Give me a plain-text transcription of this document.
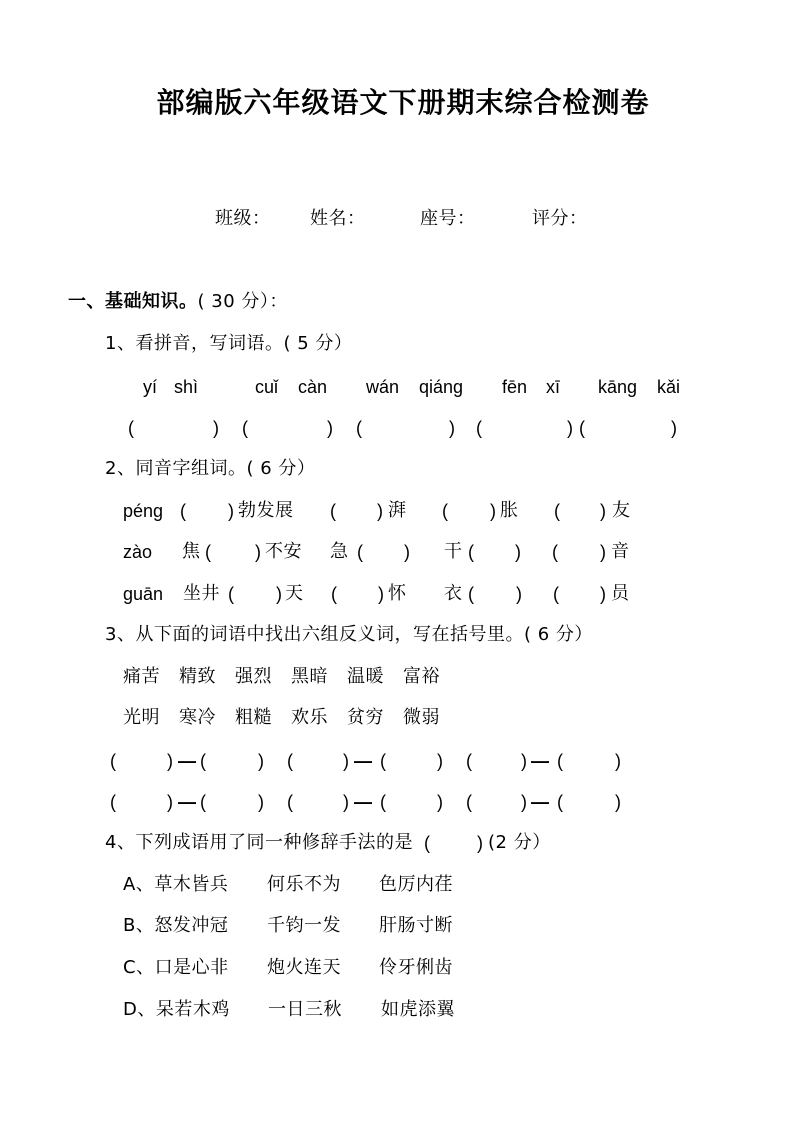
部编版六年级语文下册期末综合检测卷
班级： 姓名：	座号：	评分：
一、基础知识。( 30 分）：
1、看拼音，写词语。( 5 分）
yí shì	cuǐ càn wán qiáng fēn xī kāng kǎi
(	) (	) (	) (	) (	)
2、同音字组词。( 6 分）
péng ( ) 勃发展 ( ) 湃 ( ) 胀 ( ) 友
zào 焦 ( ) 不安 急 ( ) 干 ( ) ( ) 音
guān 坐井 ( ) 天 ( ) 怀 衣 ( ) ( ) 员
3、从下面的词语中找出六组反义词，写在括号里。( 6 分）
痛苦 精致 强烈 黑暗 温暖 富裕
光明 寒冷 粗糙 欢乐 贫穷 微弱
(	) — (	) (	) — (	) (	) — (	)
(	) — (	) (	) — (	) (	) — (	)
4、下列成语用了同一种修辞手法的是 (	) (2 分）
A、草木皆兵 何乐不为 色厉内荏
B、怒发冲冠 千钧一发 肝肠寸断
C、口是心非 炮火连天 伶牙俐齿
D、呆若木鸡 一日三秋 如虎添翼
